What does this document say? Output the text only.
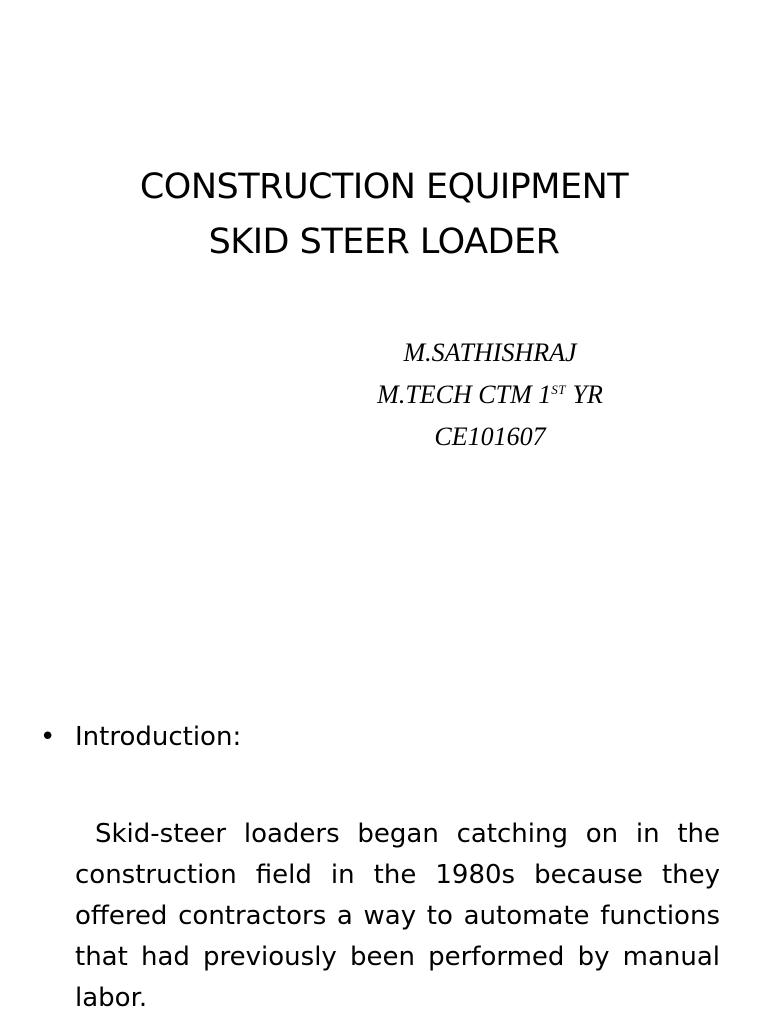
CONSTRUCTION EQUIPMENT
SKID STEER LOADER
M.SATHISHRAJ
M.TECH CTM 1ST YR
CE101607
• Introduction:
Skid-steer loaders began catching on in the construction field in the 1980s because they offered contractors a way to automate functions that had previously been performed by manual labor.
